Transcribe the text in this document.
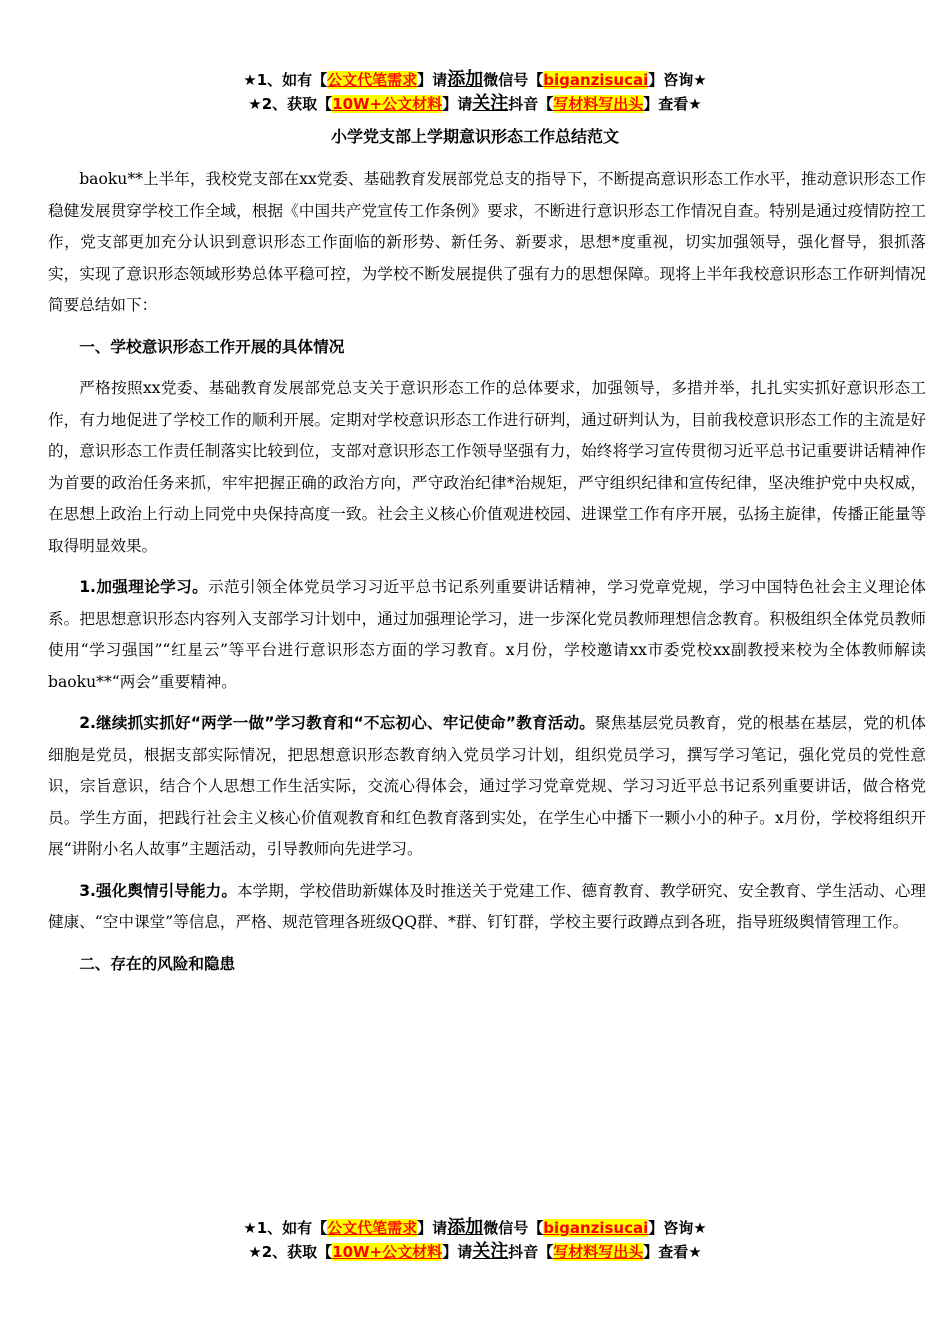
★1、如有【公文代笔需求】请添加微信号【biganzisucai】咨询★
★2、获取【10W+公文材料】请关注抖音【写材料写出头】查看★
小学党支部上学期意识形态工作总结范文

baoku**上半年，我校党支部在xx党委、基础教育发展部党总支的指导下，不断提高意识形态工作水平，推动意识形态工作稳健发展贯穿学校工作全域，根据《中国共产党宣传工作条例》要求，不断进行意识形态工作情况自查。特别是通过疫情防控工作，党支部更加充分认识到意识形态工作面临的新形势、新任务、新要求，思想*度重视，切实加强领导，强化督导，狠抓落实，实现了意识形态领域形势总体平稳可控，为学校不断发展提供了强有力的思想保障。现将上半年我校意识形态工作研判情况简要总结如下：

一、学校意识形态工作开展的具体情况

严格按照xx党委、基础教育发展部党总支关于意识形态工作的总体要求，加强领导，多措并举，扎扎实实抓好意识形态工作，有力地促进了学校工作的顺利开展。定期对学校意识形态工作进行研判，通过研判认为，目前我校意识形态工作的主流是好的，意识形态工作责任制落实比较到位，支部对意识形态工作领导坚强有力，始终将学习宣传贯彻习近平总书记重要讲话精神作为首要的政治任务来抓，牢牢把握正确的政治方向，严守政治纪律*治规矩，严守组织纪律和宣传纪律，坚决维护党中央权威，在思想上政治上行动上同党中央保持高度一致。社会主义核心价值观进校园、进课堂工作有序开展，弘扬主旋律，传播正能量等取得明显效果。

1.加强理论学习。示范引领全体党员学习习近平总书记系列重要讲话精神，学习党章党规，学习中国特色社会主义理论体系。把思想意识形态内容列入支部学习计划中，通过加强理论学习，进一步深化党员教师理想信念教育。积极组织全体党员教师使用“学习强国”“红星云”等平台进行意识形态方面的学习教育。x月份，学校邀请xx市委党校xx副教授来校为全体教师解读baoku**“两会”重要精神。

2.继续抓实抓好“两学一做”学习教育和“不忘初心、牢记使命”教育活动。聚焦基层党员教育，党的根基在基层，党的机体细胞是党员，根据支部实际情况，把思想意识形态教育纳入党员学习计划，组织党员学习，撰写学习笔记，强化党员的党性意识，宗旨意识，结合个人思想工作生活实际，交流心得体会，通过学习党章党规、学习习近平总书记系列重要讲话，做合格党员。学生方面，把践行社会主义核心价值观教育和红色教育落到实处，在学生心中播下一颗小小的种子。x月份，学校将组织开展“讲附小名人故事”主题活动，引导教师向先进学习。

3.强化舆情引导能力。本学期，学校借助新媒体及时推送关于党建工作、德育教育、教学研究、安全教育、学生活动、心理健康、“空中课堂”等信息，严格、规范管理各班级QQ群、*群、钉钉群，学校主要行政蹲点到各班，指导班级舆情管理工作。

二、存在的风险和隐患
★1、如有【公文代笔需求】请添加微信号【biganzisucai】咨询★
★2、获取【10W+公文材料】请关注抖音【写材料写出头】查看★
